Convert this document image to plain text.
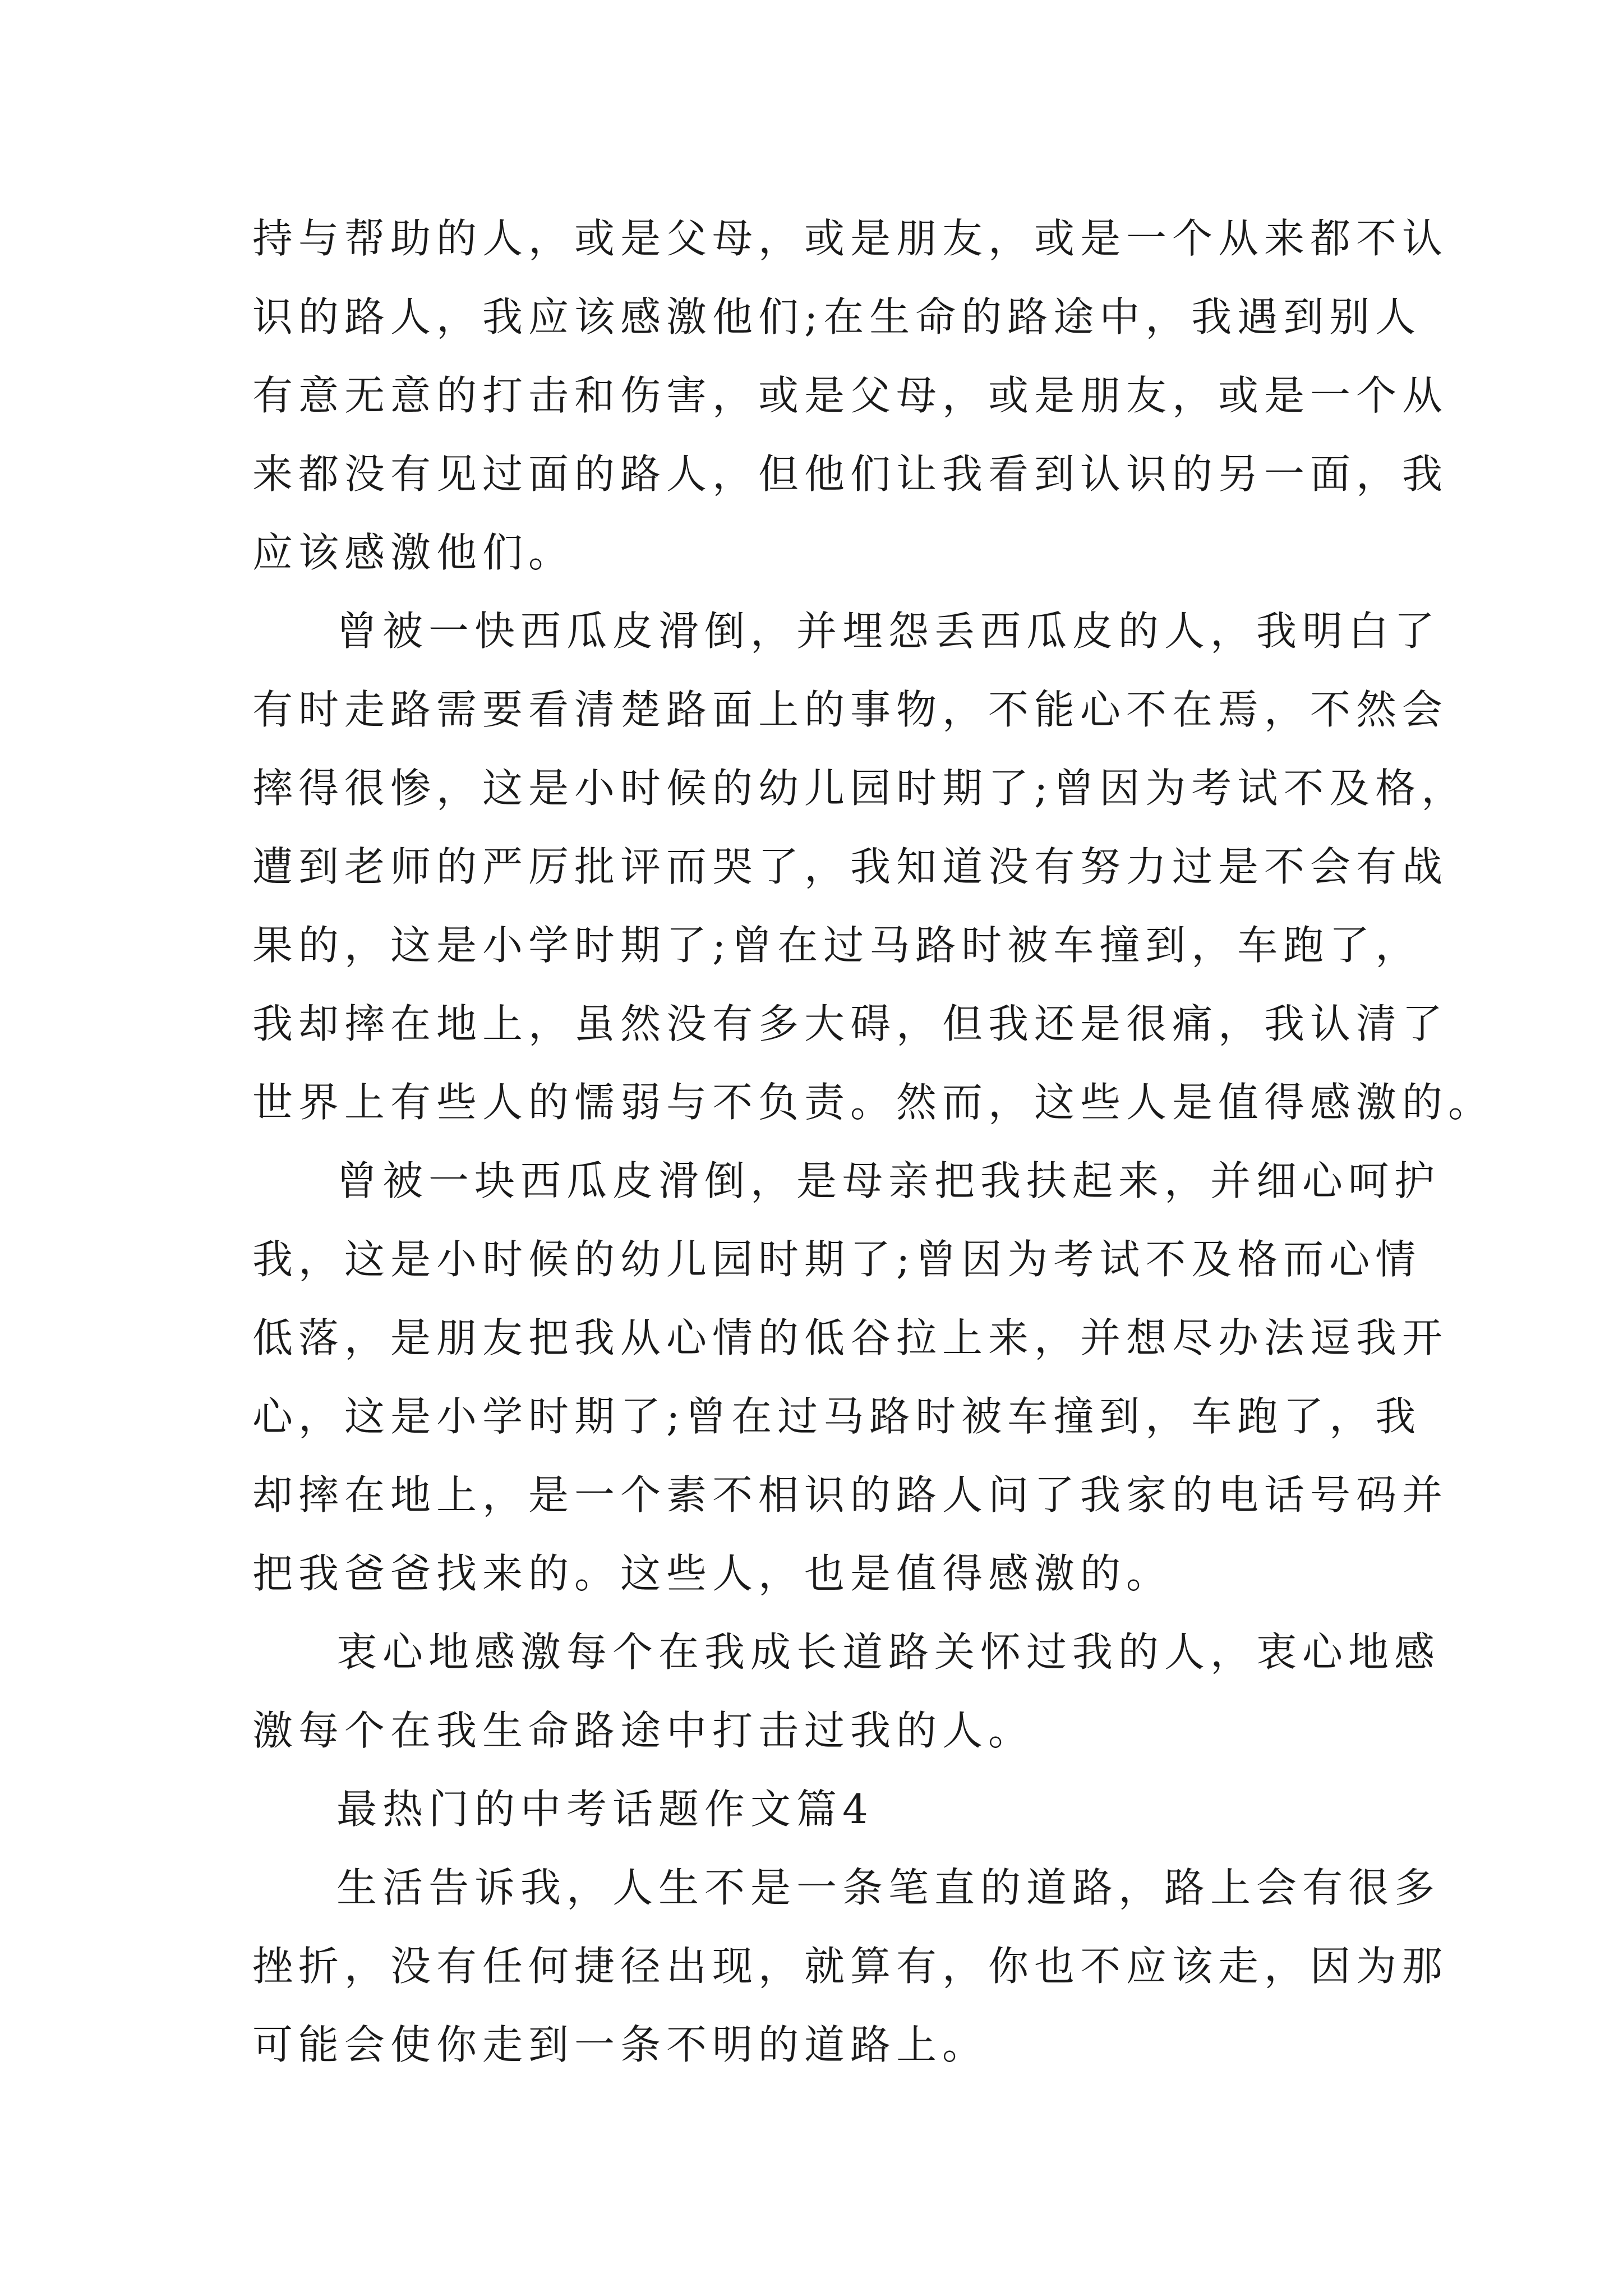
持与帮助的人，或是父母，或是朋友，或是一个从来都不认
识的路人，我应该感激他们;在生命的路途中，我遇到别人
有意无意的打击和伤害，或是父母，或是朋友，或是一个从
来都没有见过面的路人，但他们让我看到认识的另一面，我
应该感激他们。
曾被一快西瓜皮滑倒，并埋怨丢西瓜皮的人，我明白了
有时走路需要看清楚路面上的事物，不能心不在焉，不然会
摔得很惨，这是小时候的幼儿园时期了;曾因为考试不及格，
遭到老师的严厉批评而哭了，我知道没有努力过是不会有战
果的，这是小学时期了;曾在过马路时被车撞到，车跑了，
我却摔在地上，虽然没有多大碍，但我还是很痛，我认清了
世界上有些人的懦弱与不负责。然而，这些人是值得感激的。
曾被一块西瓜皮滑倒，是母亲把我扶起来，并细心呵护
我，这是小时候的幼儿园时期了;曾因为考试不及格而心情
低落，是朋友把我从心情的低谷拉上来，并想尽办法逗我开
心，这是小学时期了;曾在过马路时被车撞到，车跑了，我
却摔在地上，是一个素不相识的路人问了我家的电话号码并
把我爸爸找来的。这些人，也是值得感激的。
衷心地感激每个在我成长道路关怀过我的人，衷心地感
激每个在我生命路途中打击过我的人。
最热门的中考话题作文篇4
生活告诉我，人生不是一条笔直的道路，路上会有很多
挫折，没有任何捷径出现，就算有，你也不应该走，因为那
可能会使你走到一条不明的道路上。
